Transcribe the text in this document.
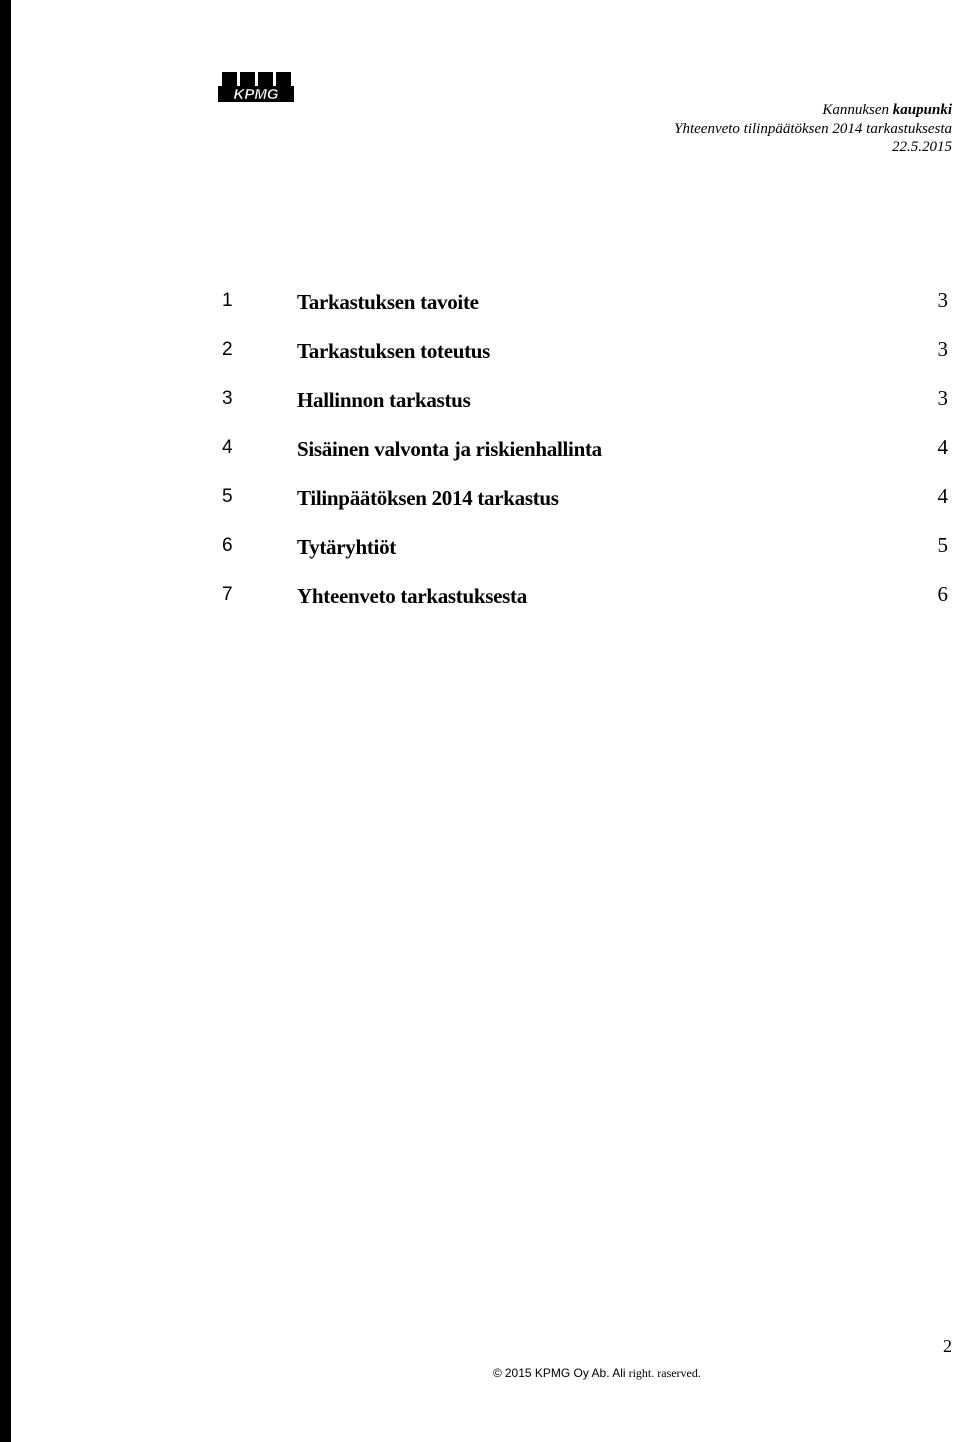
KPMG
Kannuksen kaupunki
Yhteenveto tilinpäätöksen 2014 tarkastuksesta
22.5.2015
1	Tarkastuksen tavoite	3
2	Tarkastuksen toteutus	3
3	Hallinnon tarkastus	3
4	Sisäinen valvonta ja riskienhallinta	4
5	Tilinpäätöksen 2014 tarkastus	4
6	Tytäryhtiöt	5
7	Yhteenveto tarkastuksesta	6
2
© 2015 KPMG Oy Ab. Ali right. raserved.
